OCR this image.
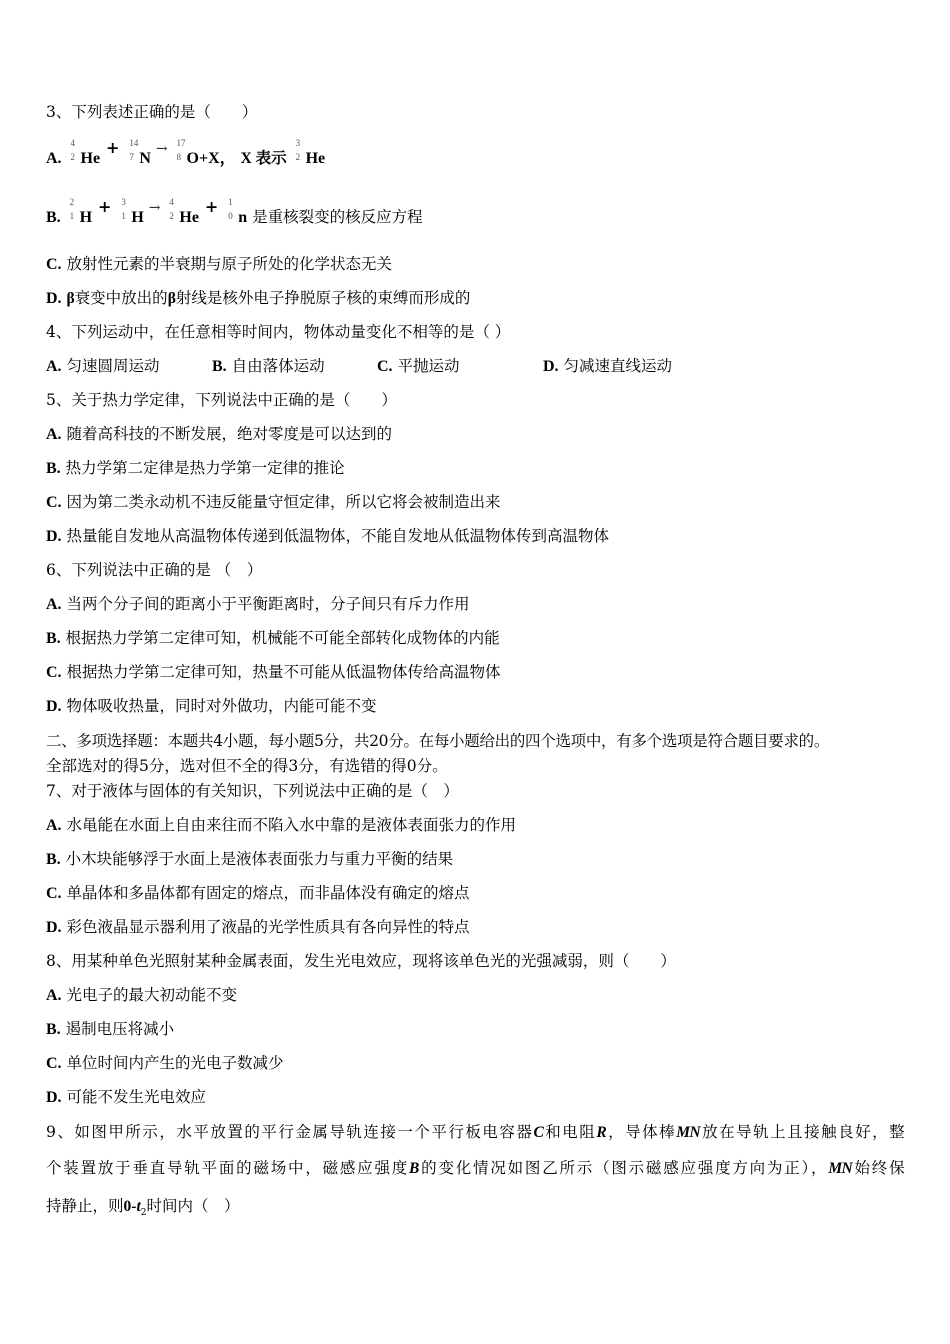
3、下列表述正确的是（　　）
A.
4
2 He + 14
7 N → 17
8 O+X， X 表示
3
2 He
B.
2
1 H + 3
1 H → 4
2 He + 1
0 n 是重核裂变的核反应方程
C. 放射性元素的半衰期与原子所处的化学状态无关
D. β衰变中放出的β射线是核外电子挣脱原子核的束缚而形成的
4、下列运动中，在任意相等时间内，物体动量变化不相等的是（ ）
A. 匀速圆周运动	B. 自由落体运动	C. 平抛运动	D. 匀减速直线运动
5、关于热力学定律，下列说法中正确的是（　　）
A. 随着高科技的不断发展，绝对零度是可以达到的
B. 热力学第二定律是热力学第一定律的推论
C. 因为第二类永动机不违反能量守恒定律，所以它将会被制造出来
D. 热量能自发地从高温物体传递到低温物体，不能自发地从低温物体传到高温物体
6、下列说法中正确的是 （　）
A. 当两个分子间的距离小于平衡距离时，分子间只有斥力作用
B. 根据热力学第二定律可知，机械能不可能全部转化成物体的内能
C. 根据热力学第二定律可知，热量不可能从低温物体传给高温物体
D. 物体吸收热量，同时对外做功，内能可能不变
二、多项选择题：本题共4小题，每小题5分，共20分。在每小题给出的四个选项中，有多个选项是符合题目要求的。
全部选对的得5分，选对但不全的得3分，有选错的得0分。
7、对于液体与固体的有关知识，下列说法中正确的是（　）
A. 水黾能在水面上自由来往而不陷入水中靠的是液体表面张力的作用
B. 小木块能够浮于水面上是液体表面张力与重力平衡的结果
C. 单晶体和多晶体都有固定的熔点，而非晶体没有确定的熔点
D. 彩色液晶显示器利用了液晶的光学性质具有各向异性的特点
8、用某种单色光照射某种金属表面，发生光电效应，现将该单色光的光强减弱，则（　　）
A. 光电子的最大初动能不变
B. 遏制电压将减小
C. 单位时间内产生的光电子数减少
D. 可能不发生光电效应
9、如图甲所示，水平放置的平行金属导轨连接一个平行板电容器C和电阻R，导体棒MN放在导轨上且接触良好，整
个装置放于垂直导轨平面的磁场中，磁感应强度B的变化情况如图乙所示（图示磁感应强度方向为正），MN始终保
持静止，则$0-t_2$时间内（　）
